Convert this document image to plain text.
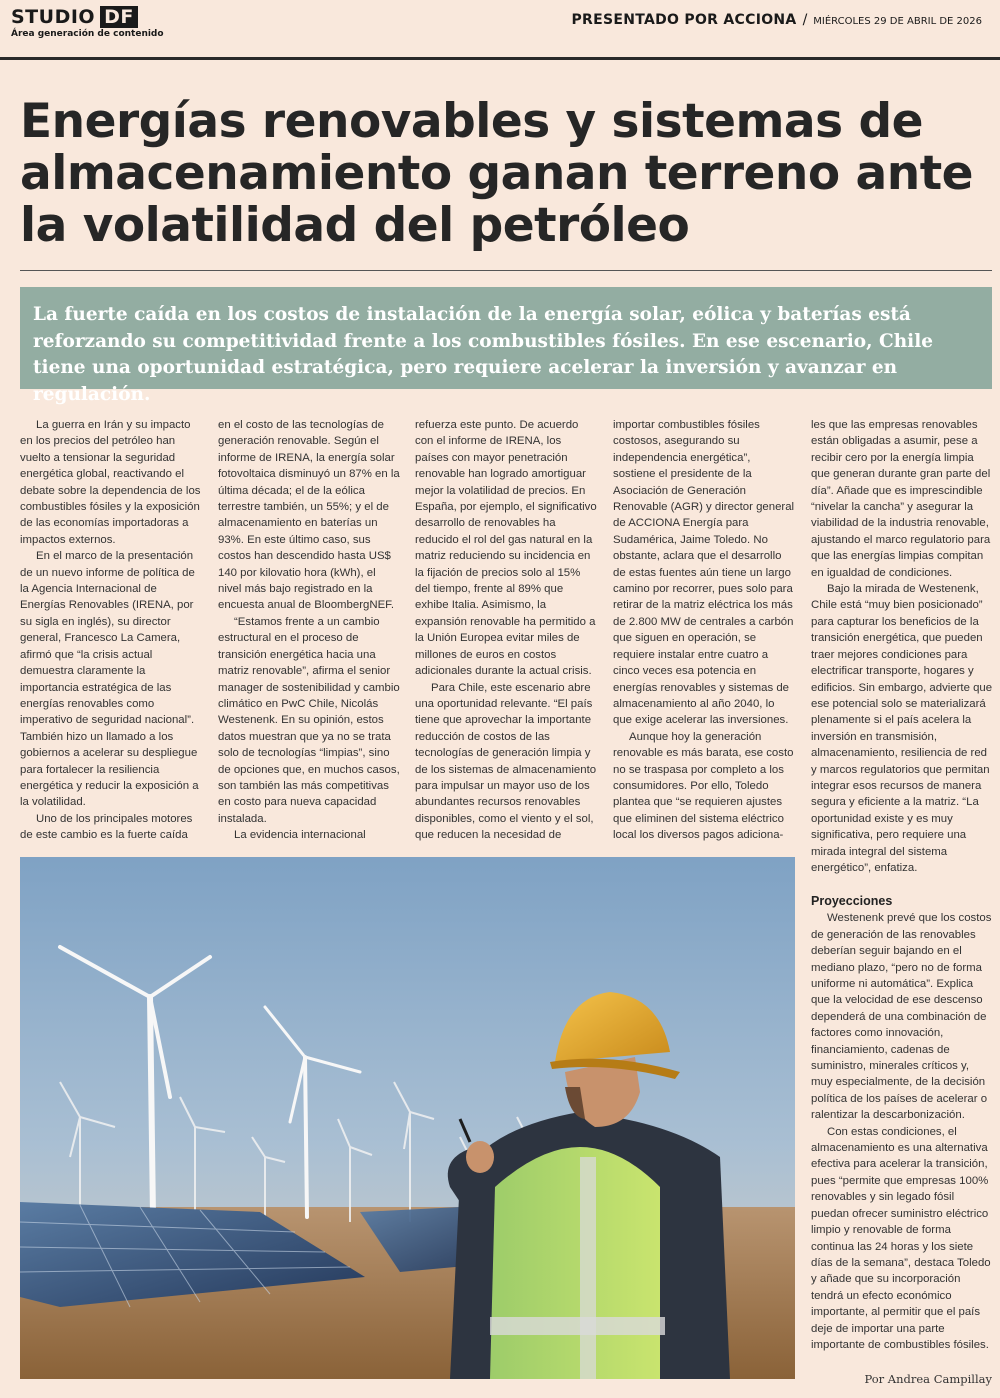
STUDIO DF
Área generación de contenido
PRESENTADO POR ACCIONA / MIÉRCOLES 29 DE ABRIL DE 2026
Energías renovables y sistemas de almacenamiento ganan terreno ante la volatilidad del petróleo

La fuerte caída en los costos de instalación de la energía solar, eólica y baterías está reforzando su competitividad frente a los combustibles fósiles. En ese escenario, Chile tiene una oportunidad estratégica, pero requiere acelerar la inversión y avanzar en regulación.

La guerra en Irán y su impacto en los precios del petróleo han vuelto a tensionar la seguridad energética global, reactivando el debate sobre la dependencia de los combustibles fósiles y la exposición de las economías importadoras a impactos externos.

En el marco de la presentación de un nuevo informe de política de la Agencia Internacional de Energías Renovables (IRENA, por su sigla en inglés), su director general, Francesco La Camera, afirmó que “la crisis actual demuestra claramente la importancia estratégica de las energías renovables como imperativo de seguridad nacional”. También hizo un llamado a los gobiernos a acelerar su despliegue para fortalecer la resiliencia energética y reducir la exposición a la volatilidad.

Uno de los principales motores de este cambio es la fuerte caída

en el costo de las tecnologías de generación renovable. Según el informe de IRENA, la energía solar fotovoltaica disminuyó un 87% en la última década; el de la eólica terrestre también, un 55%; y el de almacenamiento en baterías un 93%. En este último caso, sus costos han descendido hasta US$ 140 por kilovatio hora (kWh), el nivel más bajo registrado en la encuesta anual de BloombergNEF.

“Estamos frente a un cambio estructural en el proceso de transición energética hacia una matriz renovable”, afirma el senior manager de sostenibilidad y cambio climático en PwC Chile, Nicolás Westenenk. En su opinión, estos datos muestran que ya no se trata solo de tecnologías “limpias”, sino de opciones que, en muchos casos, son también las más competitivas en costo para nueva capacidad instalada.

La evidencia internacional

refuerza este punto. De acuerdo con el informe de IRENA, los países con mayor penetración renovable han logrado amortiguar mejor la volatilidad de precios. En España, por ejemplo, el significativo desarrollo de renovables ha reducido el rol del gas natural en la matriz reduciendo su incidencia en la fijación de precios solo al 15% del tiempo, frente al 89% que exhibe Italia. Asimismo, la expansión renovable ha permitido a la Unión Europea evitar miles de millones de euros en costos adicionales durante la actual crisis.

Para Chile, este escenario abre una oportunidad relevante. “El país tiene que aprovechar la importante reducción de costos de las tecnologías de generación limpia y de los sistemas de almacenamiento para impulsar un mayor uso de los abundantes recursos renovables disponibles, como el viento y el sol, que reducen la necesidad de

importar combustibles fósiles costosos, asegurando su independencia energética”, sostiene el presidente de la Asociación de Generación Renovable (AGR) y director general de ACCIONA Energía para Sudamérica, Jaime Toledo. No obstante, aclara que el desarrollo de estas fuentes aún tiene un largo camino por recorrer, pues solo para retirar de la matriz eléctrica los más de 2.800 MW de centrales a carbón que siguen en operación, se requiere instalar entre cuatro a cinco veces esa potencia en energías renovables y sistemas de almacenamiento al año 2040, lo que exige acelerar las inversiones.

Aunque hoy la generación renovable es más barata, ese costo no se traspasa por completo a los consumidores. Por ello, Toledo plantea que “se requieren ajustes que eliminen del sistema eléctrico local los diversos pagos adiciona-

les que las empresas renovables están obligadas a asumir, pese a recibir cero por la energía limpia que generan durante gran parte del día”. Añade que es imprescindible “nivelar la cancha” y asegurar la viabilidad de la industria renovable, ajustando el marco regulatorio para que las energías limpias compitan en igualdad de condiciones.

Bajo la mirada de Westenenk, Chile está “muy bien posicionado” para capturar los beneficios de la transición energética, que pueden traer mejores condiciones para electrificar transporte, hogares y edificios. Sin embargo, advierte que ese potencial solo se materializará plenamente si el país acelera la inversión en transmisión, almacenamiento, resiliencia de red y marcos regulatorios que permitan integrar esos recursos de manera segura y eficiente a la matriz. “La oportunidad existe y es muy significativa, pero requiere una mirada integral del sistema energético”, enfatiza.

Proyecciones

Westenenk prevé que los costos de generación de las renovables deberían seguir bajando en el mediano plazo, “pero no de forma uniforme ni automática”. Explica que la velocidad de ese descenso dependerá de una combinación de factores como innovación, financiamiento, cadenas de suministro, minerales críticos y, muy especialmente, de la decisión política de los países de acelerar o ralentizar la descarbonización.

Con estas condiciones, el almacenamiento es una alternativa efectiva para acelerar la transición, pues “permite que empresas 100% renovables y sin legado fósil puedan ofrecer suministro eléctrico limpio y renovable de forma continua las 24 horas y los siete días de la semana”, destaca Toledo y añade que su incorporación tendrá un efecto económico importante, al permitir que el país deje de importar una parte importante de combustibles fósiles.

Por Andrea Campillay
